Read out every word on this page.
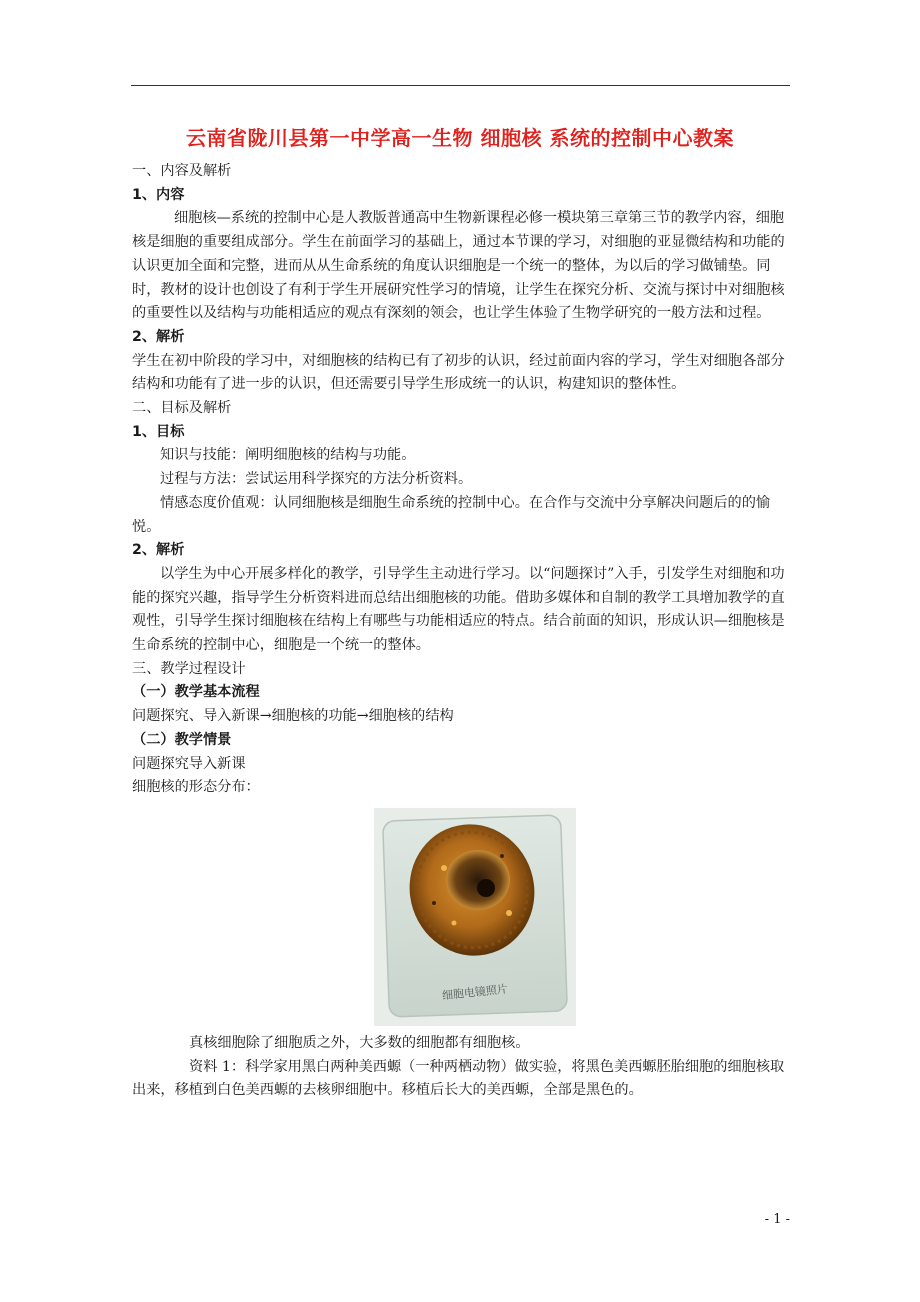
云南省陇川县第一中学高一生物 细胞核 系统的控制中心教案

一、内容及解析

1、内容

细胞核—系统的控制中心是人教版普通高中生物新课程必修一模块第三章第三节的教学内容，细胞核是细胞的重要组成部分。学生在前面学习的基础上，通过本节课的学习，对细胞的亚显微结构和功能的认识更加全面和完整，进而从从生命系统的角度认识细胞是一个统一的整体，为以后的学习做铺垫。同时，教材的设计也创设了有利于学生开展研究性学习的情境，让学生在探究分析、交流与探讨中对细胞核的重要性以及结构与功能相适应的观点有深刻的领会，也让学生体验了生物学研究的一般方法和过程。

2、解析

学生在初中阶段的学习中，对细胞核的结构已有了初步的认识，经过前面内容的学习，学生对细胞各部分结构和功能有了进一步的认识，但还需要引导学生形成统一的认识，构建知识的整体性。

二、目标及解析

1、目标

知识与技能：阐明细胞核的结构与功能。

过程与方法：尝试运用科学探究的方法分析资料。

情感态度价值观：认同细胞核是细胞生命系统的控制中心。在合作与交流中分享解决问题后的的愉悦。

2、解析

以学生为中心开展多样化的教学，引导学生主动进行学习。以“问题探讨”入手，引发学生对细胞和功能的探究兴趣，指导学生分析资料进而总结出细胞核的功能。借助多媒体和自制的教学工具增加教学的直观性，引导学生探讨细胞核在结构上有哪些与功能相适应的特点。结合前面的知识，形成认识—细胞核是生命系统的控制中心，细胞是一个统一的整体。

三、教学过程设计

（一）教学基本流程

问题探究、导入新课→细胞核的功能→细胞核的结构

（二）教学情景

问题探究导入新课

细胞核的形态分布：

细胞电镜照片

真核细胞除了细胞质之外，大多数的细胞都有细胞核。

资料 1：科学家用黑白两种美西螈（一种两栖动物）做实验，将黑色美西螈胚胎细胞的细胞核取出来，移植到白色美西螈的去核卵细胞中。移植后长大的美西螈，全部是黑色的。

- 1 -
